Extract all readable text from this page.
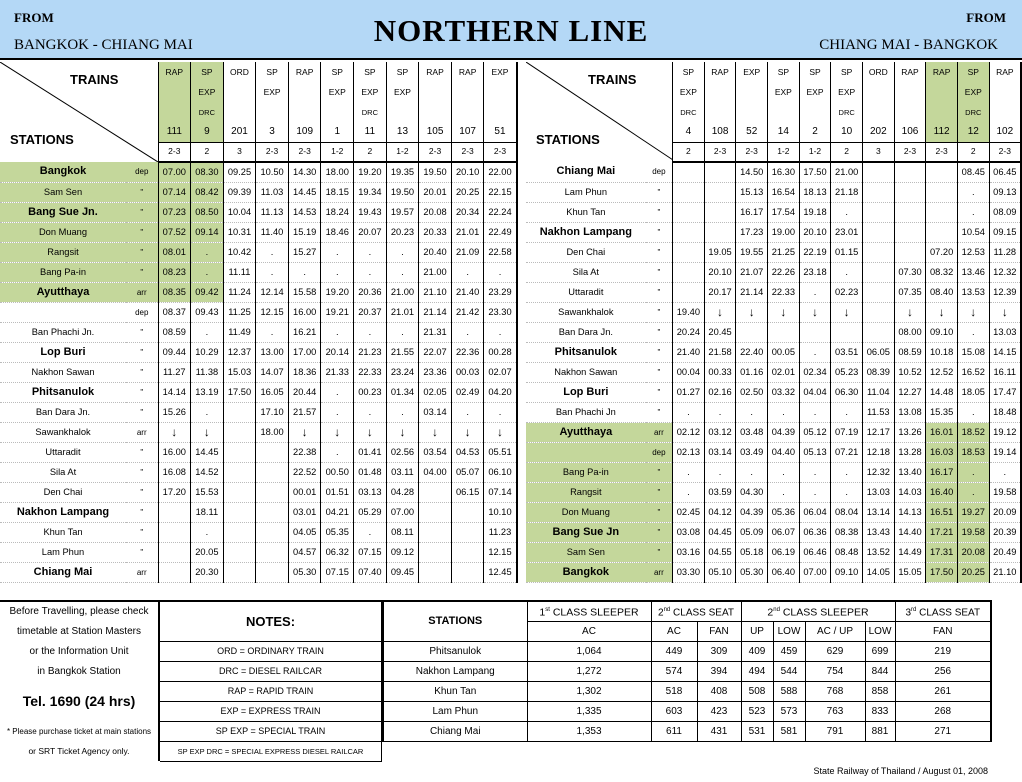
FROM
BANGKOK - CHIANG MAI	NORTHERN LINE	FROM
CHIANG MAI - BANGKOK
TRAINS
STATIONS		RAP	SP	ORD	SP	RAP	SP	SP	SP	RAP	RAP	EXP
			EXP		EXP		EXP	EXP	EXP			
			DRC					DRC				
		111	9	201	3	109	1	11	13	105	107	51
		2-3	2	3	2-3	2-3	1-2	2	1-2	2-3	2-3	2-3
Bangkok	dep	07.00	08.30	09.25	10.50	14.30	18.00	19.20	19.35	19.50	20.10	22.00
Sam Sen	"	07.14	08.42	09.39	11.03	14.45	18.15	19.34	19.50	20.01	20.25	22.15
Bang Sue Jn.	"	07.23	08.50	10.04	11.13	14.53	18.24	19.43	19.57	20.08	20.34	22.24
Don Muang	"	07.52	09.14	10.31	11.40	15.19	18.46	20.07	20.23	20.33	21.01	22.49
Rangsit	"	08.01	.	10.42	.	15.27	.	.	.	20.40	21.09	22.58
Bang Pa-in	"	08.23	.	11.11	.	.	.	.	.	21.00	.	.
Ayutthaya	arr	08.35	09.42	11.24	12.14	15.58	19.20	20.36	21.00	21.10	21.40	23.29
	dep	08.37	09.43	11.25	12.15	16.00	19.21	20.37	21.01	21.14	21.42	23.30
Ban Phachi Jn.	"	08.59	.	11.49	.	16.21	.	.	.	21.31	.	.
Lop Buri	"	09.44	10.29	12.37	13.00	17.00	20.14	21.23	21.55	22.07	22.36	00.28
Nakhon Sawan	"	11.27	11.38	15.03	14.07	18.36	21.33	22.33	23.24	23.36	00.03	02.07
Phitsanulok	"	14.14	13.19	17.50	16.05	20.44	.	00.23	01.34	02.05	02.49	04.20
Ban Dara Jn.	"	15.26	.		17.10	21.57	.	.	.	03.14	.	.
Sawankhalok	arr	↓	↓		18.00	↓	↓	↓	↓	↓	↓	↓
Uttaradit	"	16.00	14.45			22.38	.	01.41	02.56	03.54	04.53	05.51
Sila At	"	16.08	14.52			22.52	00.50	01.48	03.11	04.00	05.07	06.10
Den Chai	"	17.20	15.53			00.01	01.51	03.13	04.28		06.15	07.14
Nakhon Lampang	"		18.11			03.01	04.21	05.29	07.00			10.10
Khun Tan	"		.			04.05	05.35	.	08.11			11.23
Lam Phun	"		20.05			04.57	06.32	07.15	09.12			12.15
Chiang Mai	arr		20.30			05.30	07.15	07.40	09.45			12.45
TRAINS
STATIONS		SP	RAP	EXP	SP	SP	SP	ORD	RAP	RAP	SP	RAP
		EXP			EXP	EXP	EXP				EXP	
		DRC					DRC				DRC	
		4	108	52	14	2	10	202	106	112	12	102
		2	2-3	2-3	1-2	1-2	2	3	2-3	2-3	2	2-3
Chiang Mai	dep			14.50	16.30	17.50	21.00				08.45	06.45
Lam Phun	"			15.13	16.54	18.13	21.18				.	09.13
Khun Tan	"			16.17	17.54	19.18	.				.	08.09
Nakhon Lampang	"			17.23	19.00	20.10	23.01				10.54	09.15
Den Chai	"		19.05	19.55	21.25	22.19	01.15			07.20	12.53	11.28
Sila At	"		20.10	21.07	22.26	23.18	.		07.30	08.32	13.46	12.32
Uttaradit	"		20.17	21.14	22.33	.	02.23		07.35	08.40	13.53	12.39
Sawankhalok	"	19.40	↓	↓	↓	↓	↓		↓	↓	↓	↓
Ban Dara Jn.	"	20.24	20.45						08.00	09.10	.	13.03
Phitsanulok	"	21.40	21.58	22.40	00.05	.	03.51	06.05	08.59	10.18	15.08	14.15
Nakhon Sawan	"	00.04	00.33	01.16	02.01	02.34	05.23	08.39	10.52	12.52	16.52	16.11
Lop Buri	"	01.27	02.16	02.50	03.32	04.04	06.30	11.04	12.27	14.48	18.05	17.47
Ban Phachi Jn	"	.	.	.	.	.	.	11.53	13.08	15.35	.	18.48
Ayutthaya	arr	02.12	03.12	03.48	04.39	05.12	07.19	12.17	13.26	16.01	18.52	19.12
	dep	02.13	03.14	03.49	04.40	05.13	07.21	12.18	13.28	16.03	18.53	19.14
Bang Pa-in	"	.	.	.	.	.	.	12.32	13.40	16.17	.	.
Rangsit	"	.	03.59	04.30	.	.	.	13.03	14.03	16.40	.	19.58
Don Muang	"	02.45	04.12	04.39	05.36	06.04	08.04	13.14	14.13	16.51	19.27	20.09
Bang Sue Jn	"	03.08	04.45	05.09	06.07	06.36	08.38	13.43	14.40	17.21	19.58	20.39
Sam Sen	"	03.16	04.55	05.18	06.19	06.46	08.48	13.52	14.49	17.31	20.08	20.49
Bangkok	arr	03.30	05.10	05.30	06.40	07.00	09.10	14.05	15.05	17.50	20.25	21.10
Before Travelling, please check
timetable at Station Masters
or the Information Unit
in Bangkok Station
Tel. 1690 (24 hrs)
* Please purchase ticket at main stations
or SRT Ticket Agency only.
NOTES:
ORD = ORDINARY TRAIN
DRC = DIESEL RAILCAR
RAP = RAPID TRAIN
EXP = EXPRESS TRAIN
SP EXP = SPECIAL TRAIN
SP EXP DRC = SPECIAL EXPRESS DIESEL RAILCAR
STATIONS	1st CLASS SLEEPER	2nd CLASS SEAT		2nd CLASS SLEEPER				3rd CLASS SEAT
	AC	AC	FAN	UP	LOW	AC / UP	LOW	FAN
Phitsanulok	1,064	449	309	409	459	629	699	219
Nakhon Lampang	1,272	574	394	494	544	754	844	256
Khun Tan	1,302	518	408	508	588	768	858	261
Lam Phun	1,335	603	423	523	573	763	833	268
Chiang Mai	1,353	611	431	531	581	791	881	271
State Railway of Thailand / August 01, 2008
